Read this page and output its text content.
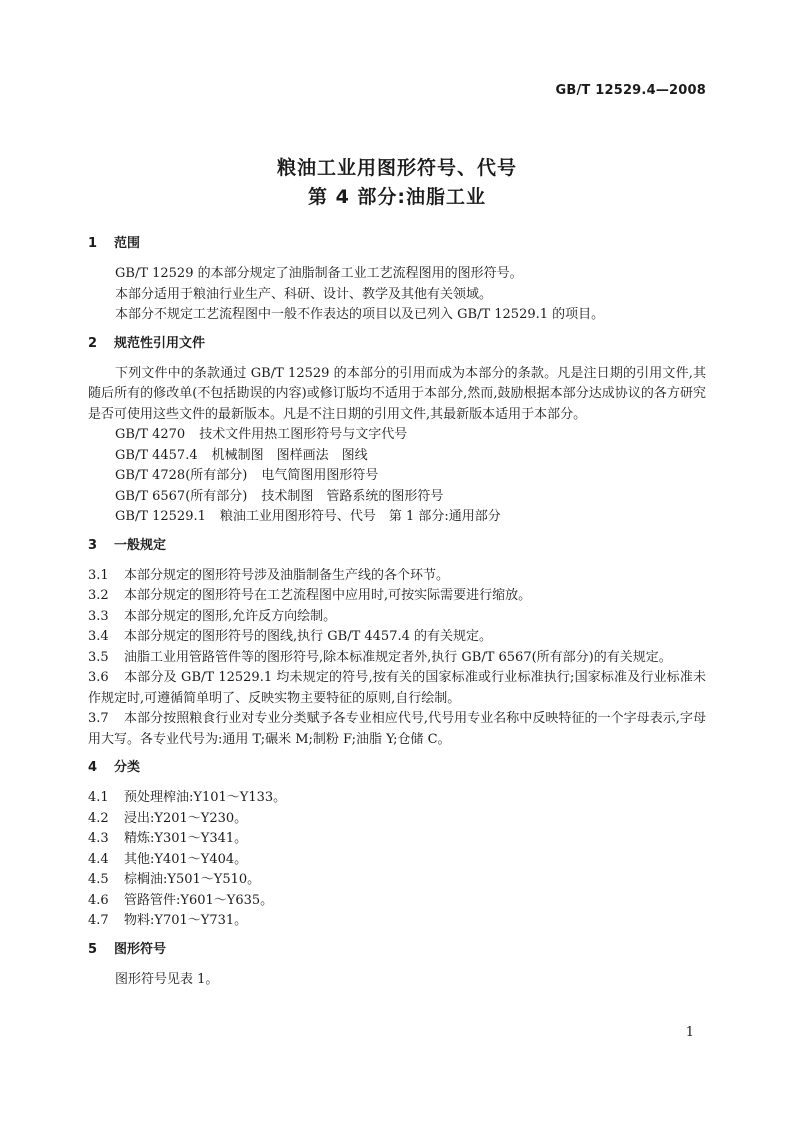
GB/T 12529.4—2008
粮油工业用图形符号、代号
第 4 部分:油脂工业
1 范围
GB/T 12529 的本部分规定了油脂制备工业工艺流程图用的图形符号。
本部分适用于粮油行业生产、科研、设计、教学及其他有关领域。
本部分不规定工艺流程图中一般不作表达的项目以及已列入 GB/T 12529.1 的项目。
2 规范性引用文件
下列文件中的条款通过 GB/T 12529 的本部分的引用而成为本部分的条款。凡是注日期的引用文件,其随后所有的修改单(不包括勘误的内容)或修订版均不适用于本部分,然而,鼓励根据本部分达成协议的各方研究是否可使用这些文件的最新版本。凡是不注日期的引用文件,其最新版本适用于本部分。
GB/T 4270 技术文件用热工图形符号与文字代号
GB/T 4457.4 机械制图　图样画法　图线
GB/T 4728(所有部分) 电气简图用图形符号
GB/T 6567(所有部分) 技术制图　管路系统的图形符号
GB/T 12529.1 粮油工业用图形符号、代号　第 1 部分:通用部分
3 一般规定
3.1 本部分规定的图形符号涉及油脂制备生产线的各个环节。
3.2 本部分规定的图形符号在工艺流程图中应用时,可按实际需要进行缩放。
3.3 本部分规定的图形,允许反方向绘制。
3.4 本部分规定的图形符号的图线,执行 GB/T 4457.4 的有关规定。
3.5 油脂工业用管路管件等的图形符号,除本标准规定者外,执行 GB/T 6567(所有部分)的有关规定。
3.6 本部分及 GB/T 12529.1 均未规定的符号,按有关的国家标准或行业标准执行;国家标准及行业标准未作规定时,可遵循简单明了、反映实物主要特征的原则,自行绘制。
3.7 本部分按照粮食行业对专业分类赋予各专业相应代号,代号用专业名称中反映特征的一个字母表示,字母用大写。各专业代号为:通用 T;碾米 M;制粉 F;油脂 Y;仓储 C。
4 分类
4.1 预处理榨油:Y101～Y133。
4.2 浸出:Y201～Y230。
4.3 精炼:Y301～Y341。
4.4 其他:Y401～Y404。
4.5 棕榈油:Y501～Y510。
4.6 管路管件:Y601～Y635。
4.7 物料:Y701～Y731。
5 图形符号
图形符号见表 1。
1
